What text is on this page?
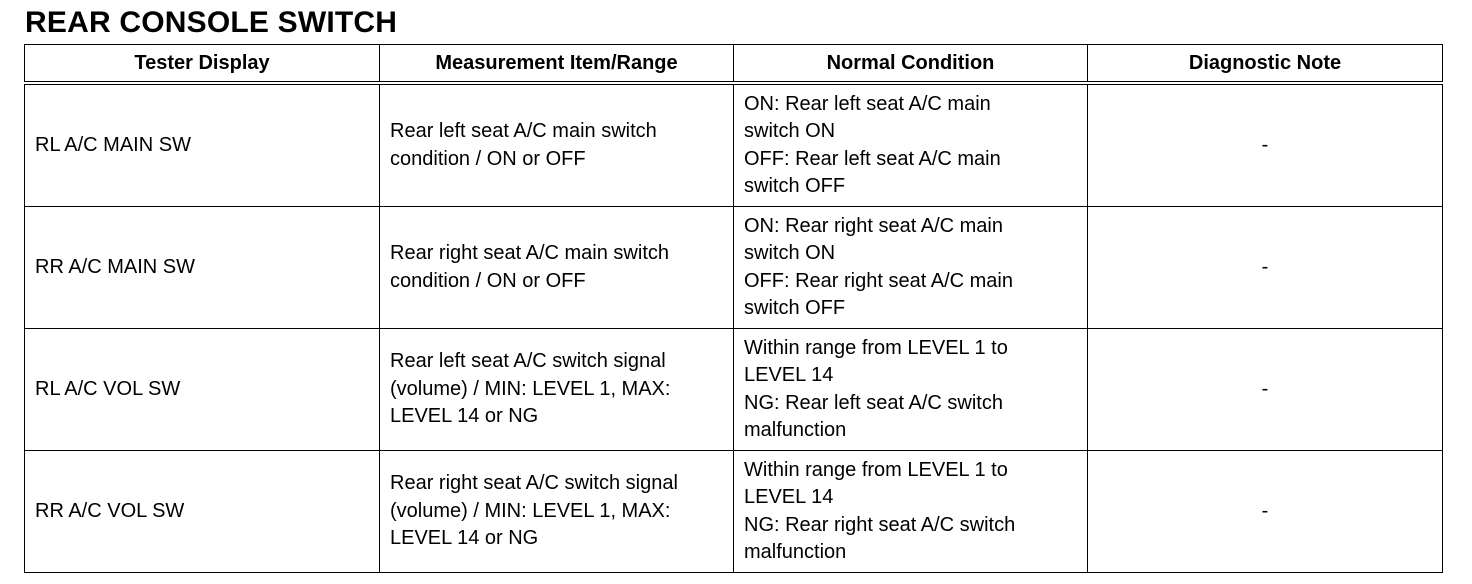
REAR CONSOLE SWITCH
Tester Display	Measurement Item/Range	Normal Condition	Diagnostic Note
RL A/C MAIN SW	Rear left seat A/C main switch
condition / ON or OFF	ON: Rear left seat A/C main
switch ON
OFF: Rear left seat A/C main
switch OFF	-
RR A/C MAIN SW	Rear right seat A/C main switch
condition / ON or OFF	ON: Rear right seat A/C main
switch ON
OFF: Rear right seat A/C main
switch OFF	-
RL A/C VOL SW	Rear left seat A/C switch signal
(volume) / MIN: LEVEL 1, MAX:
LEVEL 14 or NG	Within range from LEVEL 1 to
LEVEL 14
NG: Rear left seat A/C switch
malfunction	-
RR A/C VOL SW	Rear right seat A/C switch signal
(volume) / MIN: LEVEL 1, MAX:
LEVEL 14 or NG	Within range from LEVEL 1 to
LEVEL 14
NG: Rear right seat A/C switch
malfunction	-
